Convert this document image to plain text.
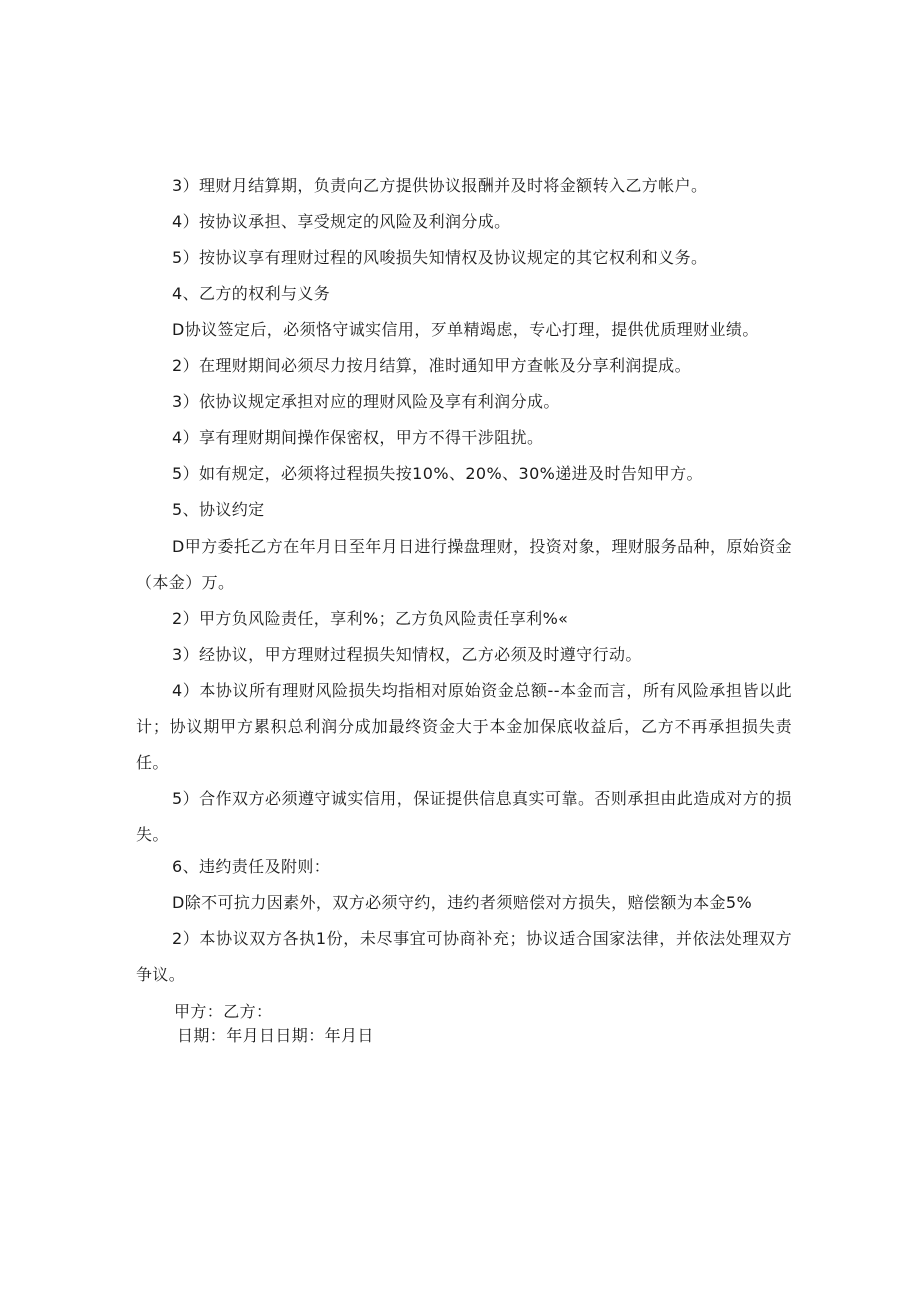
3）理财月结算期，负责向乙方提供协议报酬并及时将金额转入乙方帐户。

4）按协议承担、享受规定的风险及利润分成。

5）按协议享有理财过程的风唆损失知情权及协议规定的其它权利和义务。

4、乙方的权利与义务

D协议签定后，必须恪守诚实信用，歹单精竭虑，专心打理，提供优质理财业绩。

2）在理财期间必须尽力按月结算，准时通知甲方查帐及分享利润提成。

3）依协议规定承担对应的理财风险及享有利润分成。

4）享有理财期间操作保密权，甲方不得干涉阻扰。

5）如有规定，必须将过程损失按10%、20%、30%递进及时告知甲方。

5、协议约定

D甲方委托乙方在年月日至年月日进行操盘理财，投资对象，理财服务品种，原始资金（本金）万。

2）甲方负风险责任，享利%；乙方负风险责任享利%«

3）经协议，甲方理财过程损失知情权，乙方必须及时遵守行动。

4）本协议所有理财风险损失均指相对原始资金总额--本金而言，所有风险承担皆以此计；协议期甲方累积总利润分成加最终资金大于本金加保底收益后，乙方不再承担损失责任。

5）合作双方必须遵守诚实信用，保证提供信息真实可靠。否则承担由此造成对方的损失。

6、违约责任及附则：

D除不可抗力因素外，双方必须守约，违约者须赔偿对方损失，赔偿额为本金5%

2）本协议双方各执1份，未尽事宜可协商补充；协议适合国家法律，并依法处理双方争议。

甲方：乙方：

日期：年月日日期：年月日
